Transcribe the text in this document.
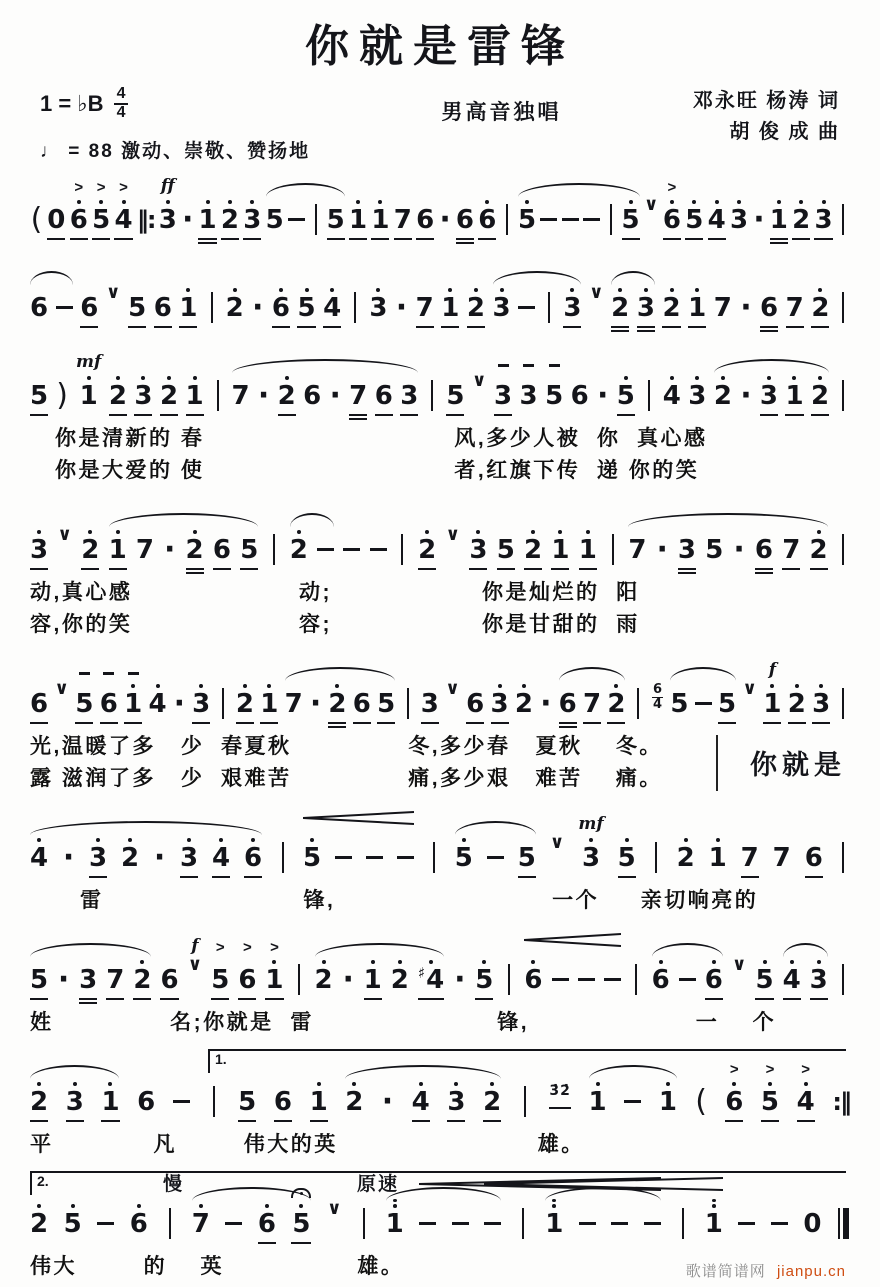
你就是雷锋
1 = ♭B $\frac{4}{4}$
♩ = 88 激动、崇敬、赞扬地
男高音独唱	邓永旺 杨涛 词
胡 俊 成 曲
( 0
>
6
>
5
>
4 ‖:
ff
3 · 1 2 3 5 5 1 1 7 6 · 6 6 5	5
∨
>
6 5 4 3 · 1 2 3
6 6
∨
5 6 1 2 · 6 5 4 3 · 7 1 2 3 3
∨
2 3 2 1 7 · 6 7 2
5 )
mf
1 2 3 2 1 7 · 2 6 · 7 6 3 5
∨
3 3 5 6 · 5 4 3 2 · 3 1 2
你是清新的 春                              风,多少人被  你  真心感
你是大爱的 使                              者,红旗下传  递 你的笑
3
∨
2 1 7 · 2 6 5 2	2
∨
3 5 2 1 1 7 · 3 5 · 6 7 2
动,真心感                    动;                  你是灿烂的  阳
容,你的笑                    容;                  你是甘甜的  雨
6
∨
5 6 1 4 · 3 2 1 7 · 2 6 5 3
∨
6 3 2 · 6 7 2 6
4 5 5
∨
f
1 2 3
光,温暖了多   少  春夏秋              冬,多少春   夏秋    冬。
露 滋润了多   少  艰难苦              痛,多少艰   难苦    痛。	你就是
4 · 3 2 · 3 4 6 5	5 5
∨
mf
3 5 2 1 7 7 6
雷                        锋,                          一个     亲切响亮的
5 · 3 7 2 6
f
∨
>
5
>
6
>
1 2 · 1 2 ♯ 4 · 5 6	6 6
∨
5 4 3
姓              名;你就是  雷                      锋,                    一    个
2 3 1 6	5 6 1 2 · 4 3 2	3̇2̇ 1 1 (
>
6
>
5
>
4 :‖
1.
平            凡        伟大的英                        雄。
2 5 6 7 6 5
∨
1	1	1	0
2.	慢	原速
伟大        的    英                雄。	歌谱简谱网 jianpu.cn
